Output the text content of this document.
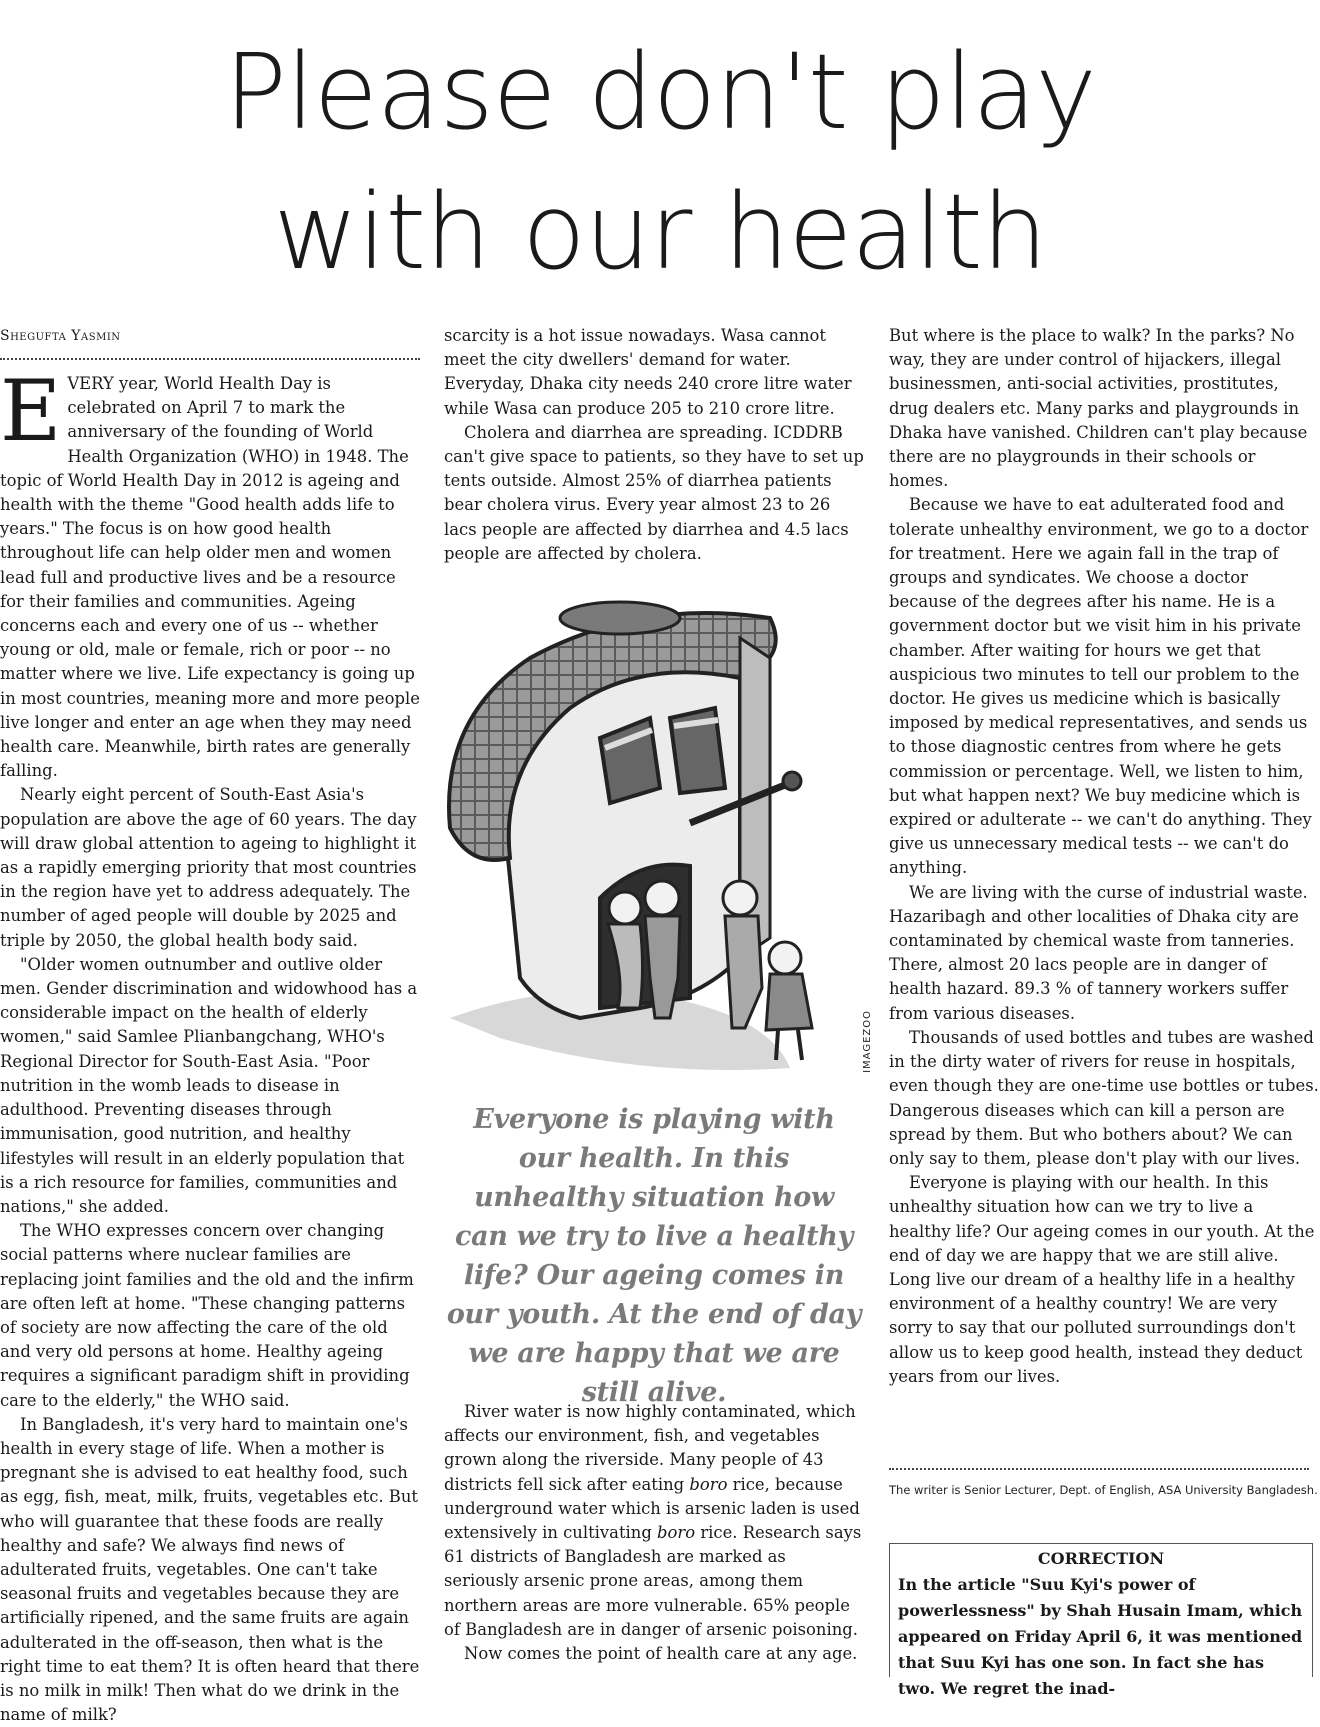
Please don't play
with our health

Shegufta Yasmin

EVERY year, World Health Day is celebrated on April 7 to mark the anniversary of the founding of World Health Organization (WHO) in 1948. The topic of World Health Day in 2012 is ageing and health with the theme "Good health adds life to years." The focus is on how good health throughout life can help older men and women lead full and productive lives and be a resource for their families and communities. Ageing concerns each and every one of us -- whether young or old, male or female, rich or poor -- no matter where we live. Life expectancy is going up in most countries, meaning more and more people live longer and enter an age when they may need health care. Meanwhile, birth rates are generally falling.

Nearly eight percent of South-East Asia's population are above the age of 60 years. The day will draw global attention to ageing to highlight it as a rapidly emerging priority that most countries in the region have yet to address adequately. The number of aged people will double by 2025 and triple by 2050, the global health body said.

"Older women outnumber and outlive older men. Gender discrimination and widowhood has a considerable impact on the health of elderly women," said Samlee Plianbangchang, WHO's Regional Director for South-East Asia. "Poor nutrition in the womb leads to disease in adulthood. Preventing diseases through immunisation, good nutrition, and healthy lifestyles will result in an elderly population that is a rich resource for families, communities and nations," she added.

The WHO expresses concern over changing social patterns where nuclear families are replacing joint families and the old and the infirm are often left at home. "These changing patterns of society are now affecting the care of the old and very old persons at home. Healthy ageing requires a significant paradigm shift in providing care to the elderly," the WHO said.

In Bangladesh, it's very hard to maintain one's health in every stage of life. When a mother is pregnant she is advised to eat healthy food, such as egg, fish, meat, milk, fruits, vegetables etc. But who will guarantee that these foods are really healthy and safe? We always find news of adulterated fruits, vegetables. One can't take seasonal fruits and vegetables because they are artificially ripened, and the same fruits are again adulterated in the off-season, then what is the right time to eat them? It is often heard that there is no milk in milk! Then what do we drink in the name of milk?

scarcity is a hot issue nowadays. Wasa cannot meet the city dwellers' demand for water. Everyday, Dhaka city needs 240 crore litre water while Wasa can produce 205 to 210 crore litre.

Cholera and diarrhea are spreading. ICDDRB can't give space to patients, so they have to set up tents outside. Almost 25% of diarrhea patients bear cholera virus. Every year almost 23 to 26 lacs people are affected by diarrhea and 4.5 lacs people are affected by cholera.

IMAGEZOO
Everyone is playing with our health. In this unhealthy situation how can we try to live a healthy life? Our ageing comes in our youth. At the end of day we are happy that we are still alive.

River water is now highly contaminated, which affects our environment, fish, and vegetables grown along the riverside. Many people of 43 districts fell sick after eating boro rice, because underground water which is arsenic laden is used extensively in cultivating boro rice. Research says 61 districts of Bangladesh are marked as seriously arsenic prone areas, among them northern areas are more vulnerable. 65% people of Bangladesh are in danger of arsenic poisoning.

Now comes the point of health care at any age.

But where is the place to walk? In the parks? No way, they are under control of hijackers, illegal businessmen, anti-social activities, prostitutes, drug dealers etc. Many parks and playgrounds in Dhaka have vanished. Children can't play because there are no playgrounds in their schools or homes.

Because we have to eat adulterated food and tolerate unhealthy environment, we go to a doctor for treatment. Here we again fall in the trap of groups and syndicates. We choose a doctor because of the degrees after his name. He is a government doctor but we visit him in his private chamber. After waiting for hours we get that auspicious two minutes to tell our problem to the doctor. He gives us medicine which is basically imposed by medical representatives, and sends us to those diagnostic centres from where he gets commission or percentage. Well, we listen to him, but what happen next? We buy medicine which is expired or adulterate -- we can't do anything. They give us unnecessary medical tests -- we can't do anything.

We are living with the curse of industrial waste. Hazaribagh and other localities of Dhaka city are contaminated by chemical waste from tanneries. There, almost 20 lacs people are in danger of health hazard. 89.3 % of tannery workers suffer from various diseases.

Thousands of used bottles and tubes are washed in the dirty water of rivers for reuse in hospitals, even though they are one-time use bottles or tubes. Dangerous diseases which can kill a person are spread by them. But who bothers about? We can only say to them, please don't play with our lives.

Everyone is playing with our health. In this unhealthy situation how can we try to live a healthy life? Our ageing comes in our youth. At the end of day we are happy that we are still alive. Long live our dream of a healthy life in a healthy environment of a healthy country! We are very sorry to say that our polluted surroundings don't allow us to keep good health, instead they deduct years from our lives.

The writer is Senior Lecturer, Dept. of English, ASA University Bangladesh.
CORRECTION
In the article "Suu Kyi's power of powerlessness" by Shah Husain Imam, which appeared on Friday April 6, it was mentioned that Suu Kyi has one son. In fact she has two. We regret the inad-
